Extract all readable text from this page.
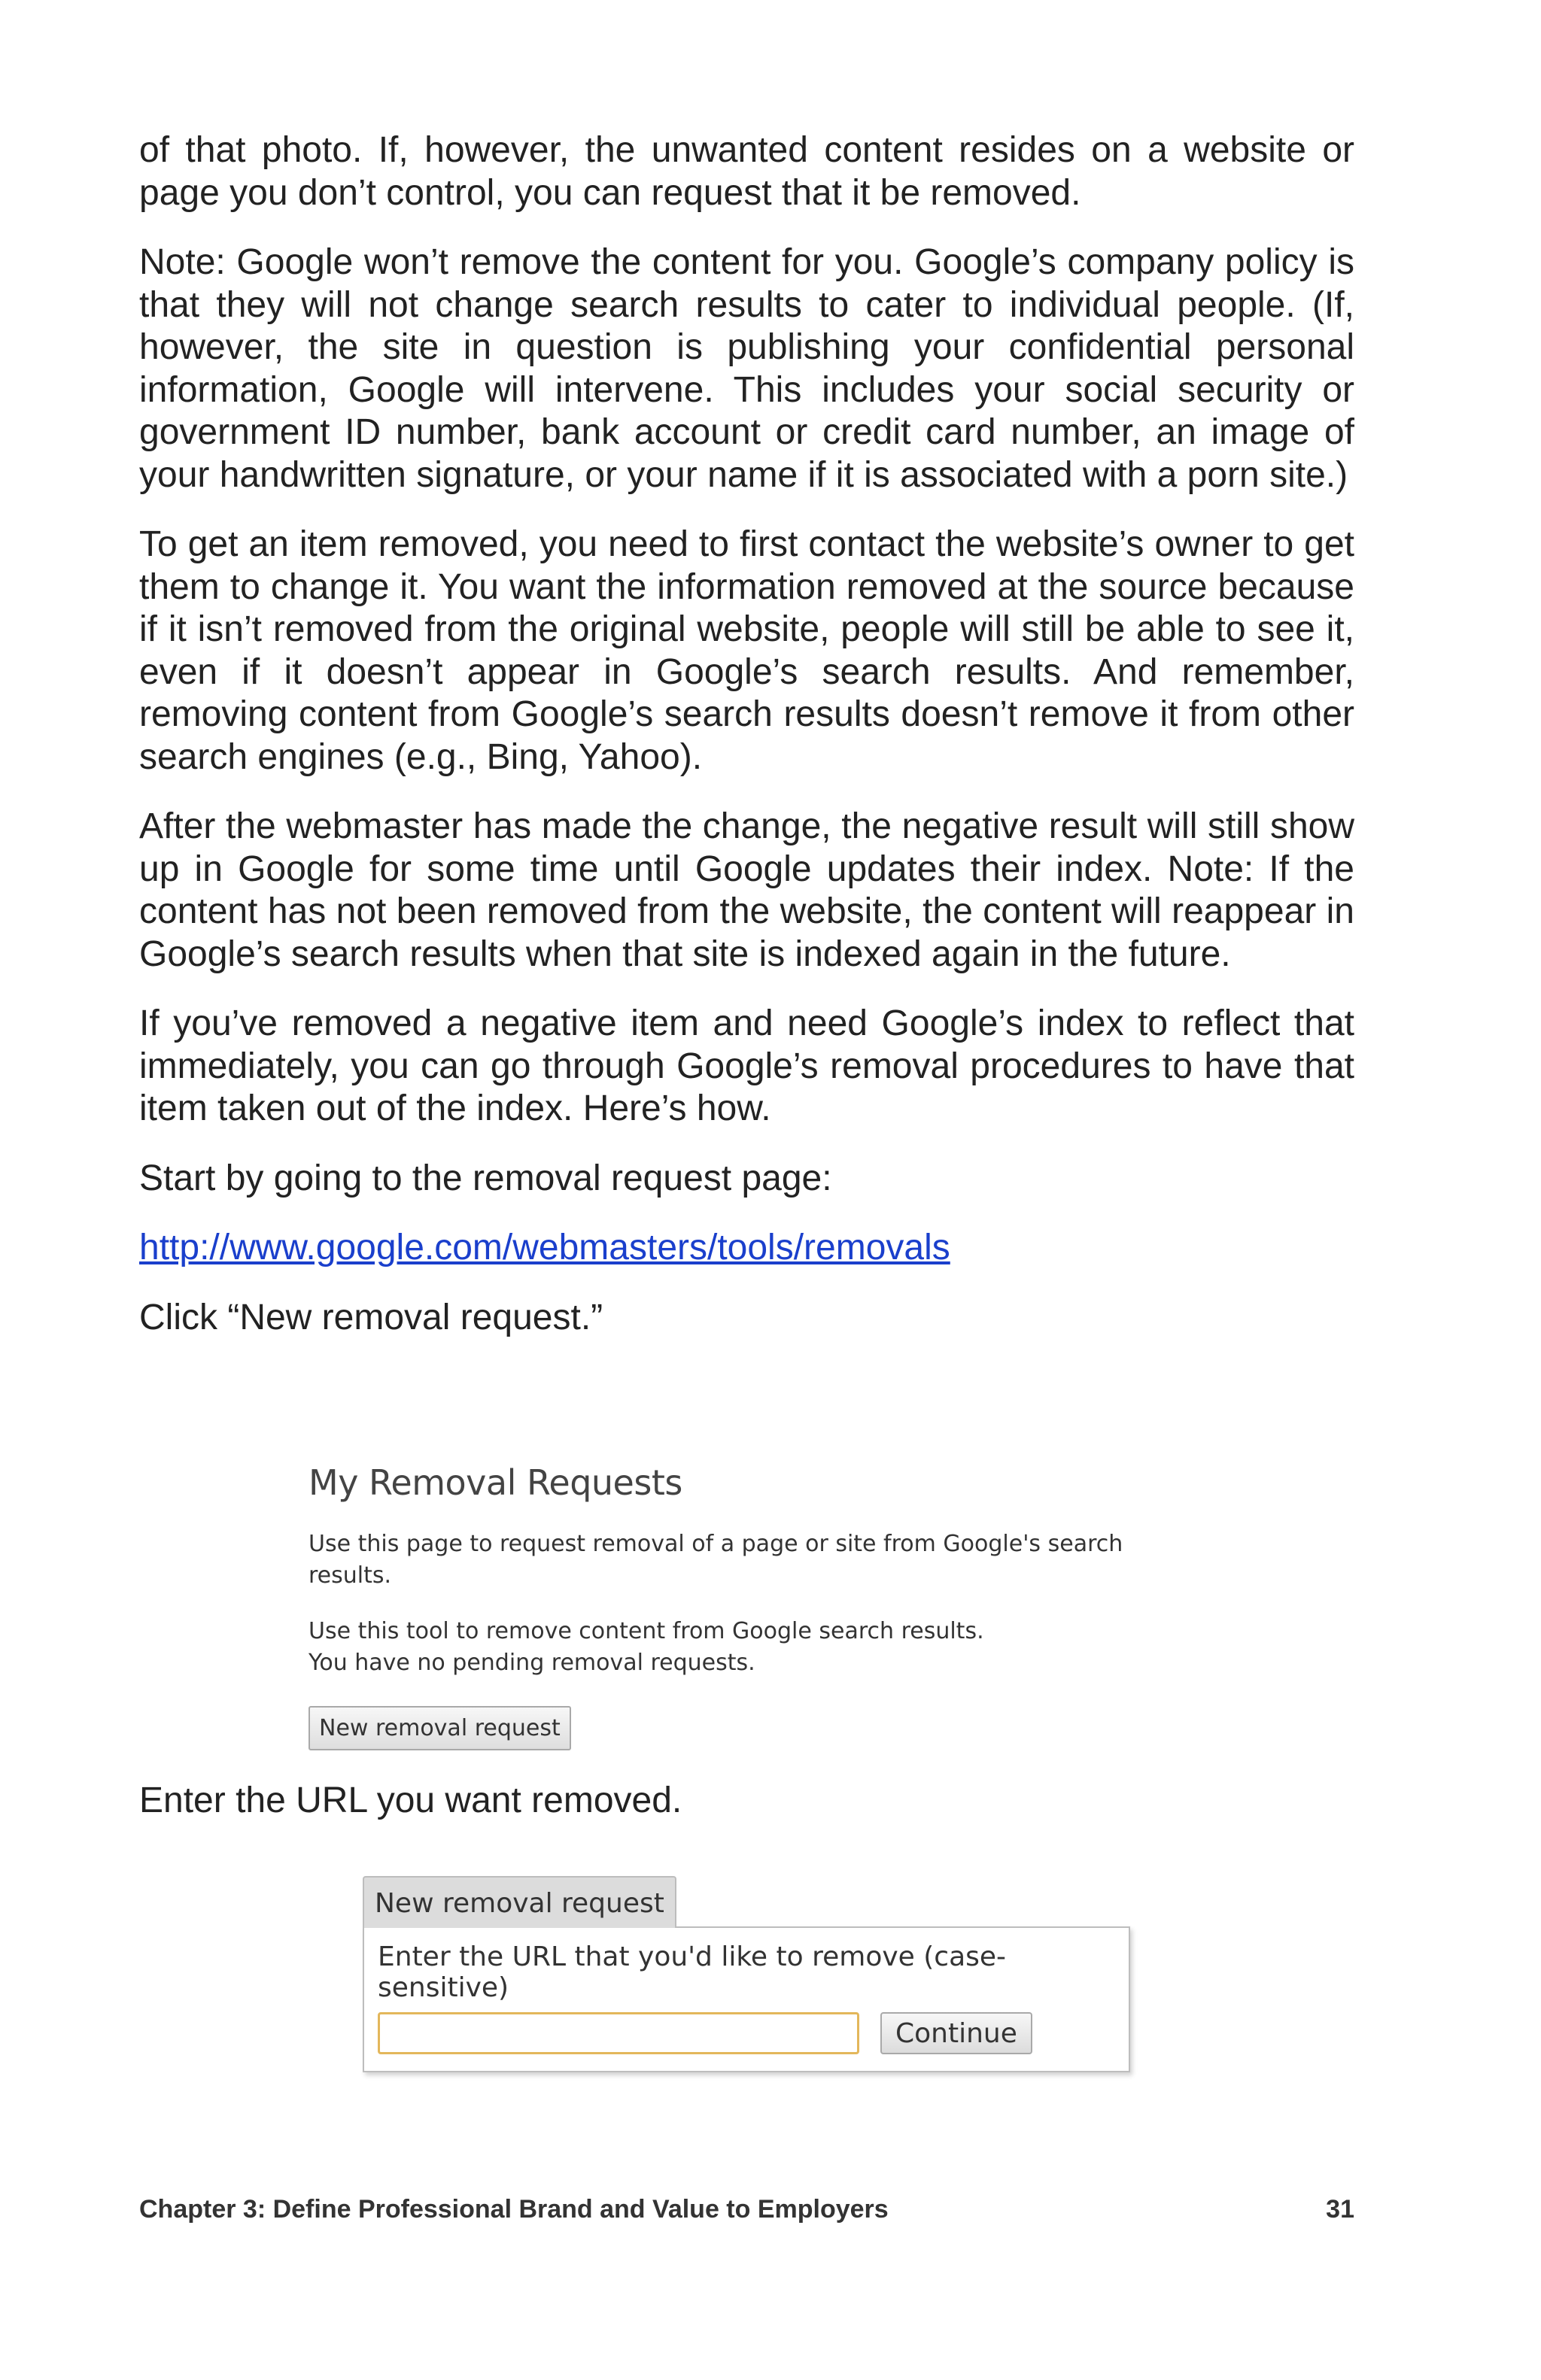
of that photo. If, however, the unwanted content resides on a website or page you don’t control, you can request that it be removed.

Note: Google won’t remove the content for you. Google’s company policy is that they will not change search results to cater to individual people. (If, however, the site in question is publishing your confidential personal information, Google will intervene. This includes your social security or government ID number, bank account or credit card number, an image of your handwritten signature, or your name if it is associated with a porn site.)

To get an item removed, you need to first contact the website’s owner to get them to change it. You want the information removed at the source because if it isn’t removed from the original website, people will still be able to see it, even if it doesn’t appear in Google’s search results. And remember, removing content from Google’s search results doesn’t remove it from other search engines (e.g., Bing, Yahoo).

After the webmaster has made the change, the negative result will still show up in Google for some time until Google updates their index. Note: If the content has not been removed from the website, the content will reappear in Google’s search results when that site is indexed again in the future.

If you’ve removed a negative item and need Google’s index to reflect that immediately, you can go through Google’s removal procedures to have that item taken out of the index. Here’s how.

Start by going to the removal request page:

http://www.google.com/webmasters/tools/removals

Click “New removal request.”

My Removal Requests
Use this page to request removal of a page or site from Google's search results.
Use this tool to remove content from Google search results.
You have no pending removal requests.
New removal request

Enter the URL you want removed.

New removal request
Enter the URL that you'd like to remove (case-sensitive)
Continue
Chapter 3: Define Professional Brand and Value to Employers	31
